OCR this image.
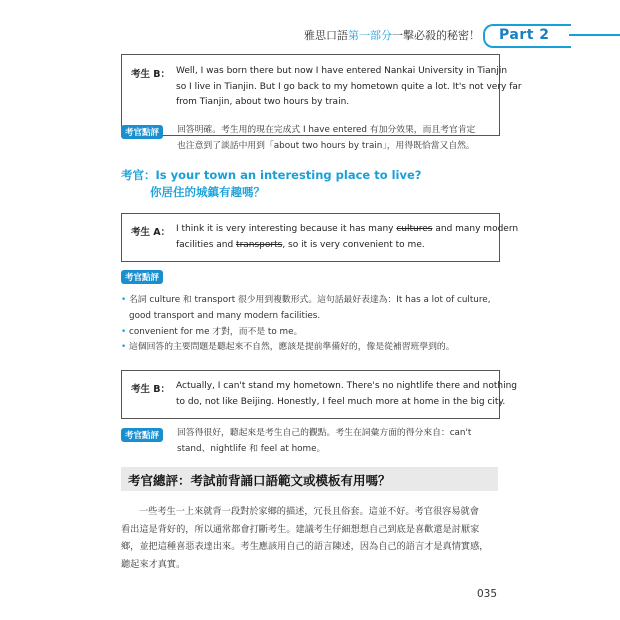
雅思口語第一部分一擊必殺的秘密！ Part 2
考生 B： Well, I was born there but now I have entered Nankai University in Tianjin
so I live in Tianjin. But I go back to my hometown quite a lot. It's not very far
from Tianjin, about two hours by train.
考官點評	回答明確。考生用的現在完成式 I have entered 有加分效果，而且考官肯定
也注意到了談話中用到「about two hours by train」，用得既恰當又自然。
考官：Is your town an interesting place to live?
你居住的城鎮有趣嗎？
考生 A： I think it is very interesting because it has many cultures and many modern
facilities and transports, so it is very convenient to me.
考官點評
• 名詞 culture 和 transport 很少用到複數形式。這句話最好表達為：It has a lot of culture,
good transport and many modern facilities.
• convenient for me 才對，而不是 to me。
• 這個回答的主要問題是聽起來不自然，應該是提前準備好的，像是從補習班學到的。
考生 B： Actually, I can't stand my hometown. There's no nightlife there and nothing
to do, not like Beijing. Honestly, I feel much more at home in the big city.
考官點評	回答得很好，聽起來是考生自己的觀點。考生在詞彙方面的得分來自：can't
stand、nightlife 和 feel at home。
考官總評：考試前背誦口語範文或模板有用嗎？
一些考生一上來就背一段對於家鄉的描述，冗長且俗套。這並不好。考官很容易就會
看出這是背好的，所以通常都會打斷考生。建議考生仔細想想自己到底是喜歡還是討厭家
鄉，並把這種喜惡表達出來。考生應該用自己的語言陳述，因為自己的語言才是真情實感，
聽起來才真實。
035
